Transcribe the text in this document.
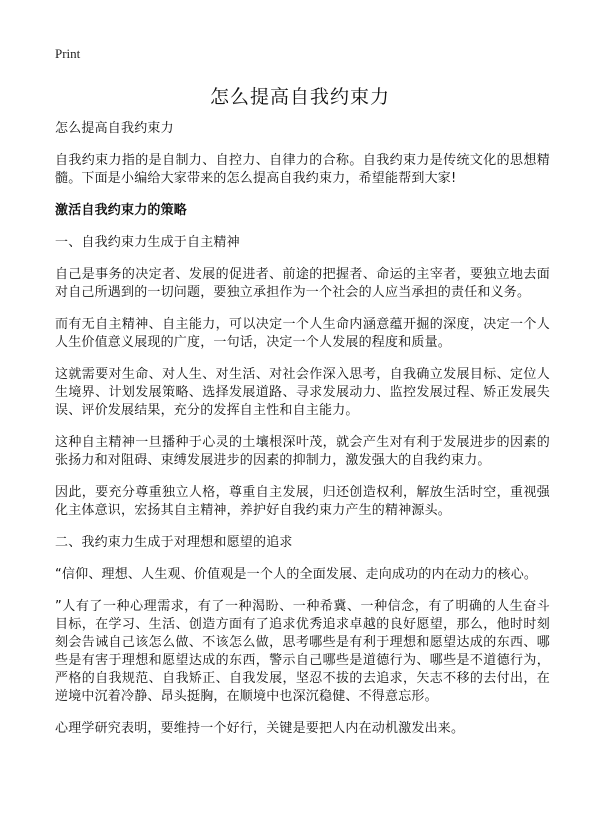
Print
怎么提高自我约束力

怎么提高自我约束力

自我约束力指的是自制力、自控力、自律力的合称。自我约束力是传统文化的思想精髓。下面是小编给大家带来的怎么提高自我约束力，希望能帮到大家!

激活自我约束力的策略

一、自我约束力生成于自主精神

自己是事务的决定者、发展的促进者、前途的把握者、命运的主宰者，要独立地去面对自己所遇到的一切问题，要独立承担作为一个社会的人应当承担的责任和义务。

而有无自主精神、自主能力，可以决定一个人生命内涵意蕴开掘的深度，决定一个人人生价值意义展现的广度，一句话，决定一个人发展的程度和质量。

这就需要对生命、对人生、对生活、对社会作深入思考，自我确立发展目标、定位人生境界、计划发展策略、选择发展道路、寻求发展动力、监控发展过程、矫正发展失误、评价发展结果，充分的发挥自主性和自主能力。

这种自主精神一旦播种于心灵的土壤根深叶茂，就会产生对有利于发展进步的因素的张扬力和对阻碍、束缚发展进步的因素的抑制力，激发强大的自我约束力。

因此，要充分尊重独立人格，尊重自主发展，归还创造权利，解放生活时空，重视强化主体意识，宏扬其自主精神，养护好自我约束力产生的精神源头。

二、我约束力生成于对理想和愿望的追求

“信仰、理想、人生观、价值观是一个人的全面发展、走向成功的内在动力的核心。

”人有了一种心理需求，有了一种渴盼、一种希冀、一种信念，有了明确的人生奋斗目标，在学习、生活、创造方面有了追求优秀追求卓越的良好愿望，那么，他时时刻刻会告诫自己该怎么做、不该怎么做，思考哪些是有利于理想和愿望达成的东西、哪些是有害于理想和愿望达成的东西，警示自己哪些是道德行为、哪些是不道德行为，严格的自我规范、自我矫正、自我发展，坚忍不拔的去追求，矢志不移的去付出，在逆境中沉着冷静、昂头挺胸，在顺境中也深沉稳健、不得意忘形。

心理学研究表明，要维持一个好行，关键是要把人内在动机激发出来。
